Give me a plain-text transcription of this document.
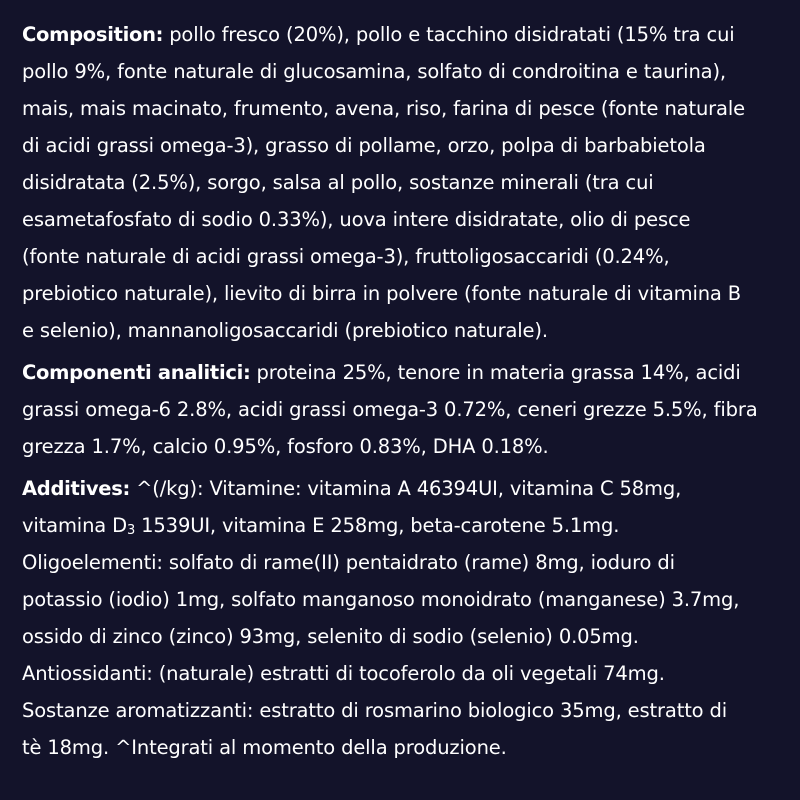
Composition: pollo fresco (20%), pollo e tacchino disidratati (15% tra cui
pollo 9%, fonte naturale di glucosamina, solfato di condroitina e taurina),
mais, mais macinato, frumento, avena, riso, farina di pesce (fonte naturale
di acidi grassi omega-3), grasso di pollame, orzo, polpa di barbabietola
disidratata (2.5%), sorgo, salsa al pollo, sostanze minerali (tra cui
esametafosfato di sodio 0.33%), uova intere disidratate, olio di pesce
(fonte naturale di acidi grassi omega-3), fruttoligosaccaridi (0.24%,
prebiotico naturale), lievito di birra in polvere (fonte naturale di vitamina B
e selenio), mannanoligosaccaridi (prebiotico naturale).
Componenti analitici: proteina 25%, tenore in materia grassa 14%, acidi
grassi omega-6 2.8%, acidi grassi omega-3 0.72%, ceneri grezze 5.5%, fibra
grezza 1.7%, calcio 0.95%, fosforo 0.83%, DHA 0.18%.
Additives: ^(/kg): Vitamine: vitamina A 46394UI, vitamina C 58mg,
vitamina D3 1539UI, vitamina E 258mg, beta-carotene 5.1mg.
Oligoelementi: solfato di rame(II) pentaidrato (rame) 8mg, ioduro di
potassio (iodio) 1mg, solfato manganoso monoidrato (manganese) 3.7mg,
ossido di zinco (zinco) 93mg, selenito di sodio (selenio) 0.05mg.
Antiossidanti: (naturale) estratti di tocoferolo da oli vegetali 74mg.
Sostanze aromatizzanti: estratto di rosmarino biologico 35mg, estratto di
tè 18mg. ^Integrati al momento della produzione.
